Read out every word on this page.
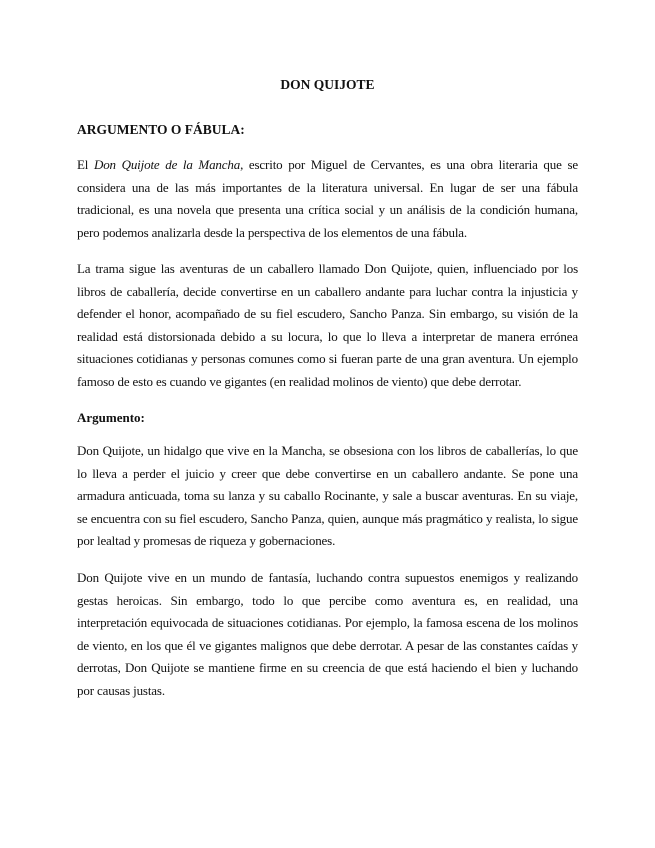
DON QUIJOTE
ARGUMENTO O FÁBULA:

El Don Quijote de la Mancha, escrito por Miguel de Cervantes, es una obra literaria que se considera una de las más importantes de la literatura universal. En lugar de ser una fábula tradicional, es una novela que presenta una crítica social y un análisis de la condición humana, pero podemos analizarla desde la perspectiva de los elementos de una fábula.

La trama sigue las aventuras de un caballero llamado Don Quijote, quien, influenciado por los libros de caballería, decide convertirse en un caballero andante para luchar contra la injusticia y defender el honor, acompañado de su fiel escudero, Sancho Panza. Sin embargo, su visión de la realidad está distorsionada debido a su locura, lo que lo lleva a interpretar de manera errónea situaciones cotidianas y personas comunes como si fueran parte de una gran aventura. Un ejemplo famoso de esto es cuando ve gigantes (en realidad molinos de viento) que debe derrotar.

Argumento:

Don Quijote, un hidalgo que vive en la Mancha, se obsesiona con los libros de caballerías, lo que lo lleva a perder el juicio y creer que debe convertirse en un caballero andante. Se pone una armadura anticuada, toma su lanza y su caballo Rocinante, y sale a buscar aventuras. En su viaje, se encuentra con su fiel escudero, Sancho Panza, quien, aunque más pragmático y realista, lo sigue por lealtad y promesas de riqueza y gobernaciones.

Don Quijote vive en un mundo de fantasía, luchando contra supuestos enemigos y realizando gestas heroicas. Sin embargo, todo lo que percibe como aventura es, en realidad, una interpretación equivocada de situaciones cotidianas. Por ejemplo, la famosa escena de los molinos de viento, en los que él ve gigantes malignos que debe derrotar. A pesar de las constantes caídas y derrotas, Don Quijote se mantiene firme en su creencia de que está haciendo el bien y luchando por causas justas.
